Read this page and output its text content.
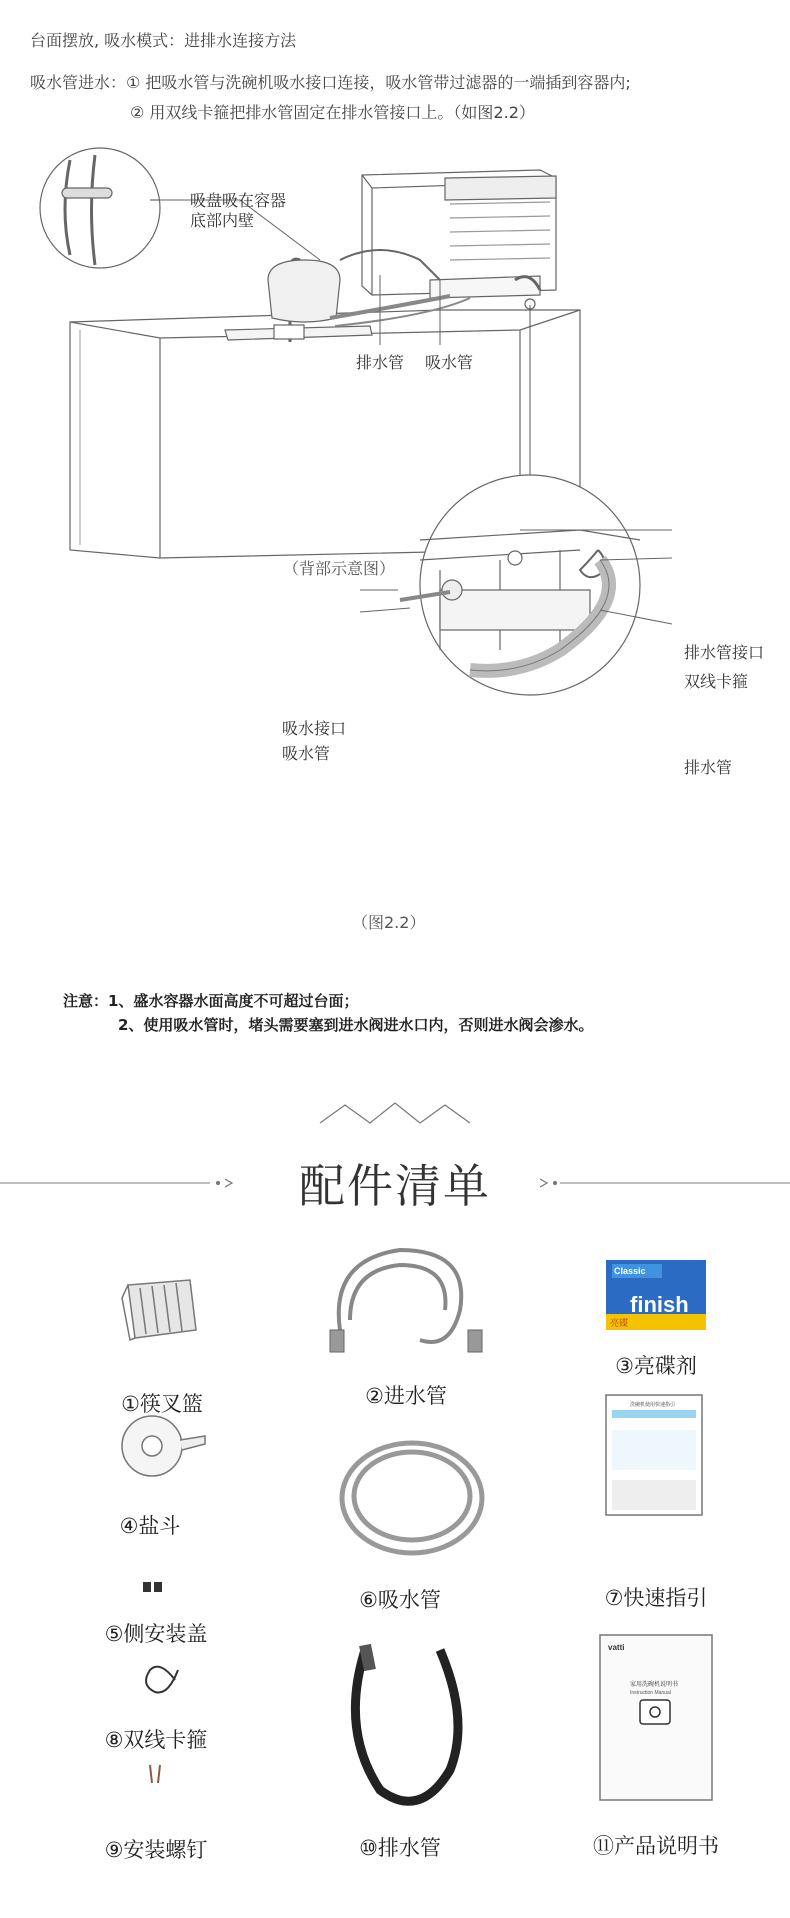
台面摆放, 吸水模式：进排水连接方法
吸水管进水：① 把吸水管与洗碗机吸水接口连接，吸水管带过滤器的一端插到容器内;
② 用双线卡箍把排水管固定在排水管接口上。（如图2.2）
吸盘吸在容器
底部内壁
排水管 吸水管
（背部示意图）
排水管接口
双线卡箍
排水管
吸水接口
吸水管
（图2.2）
注意：1、盛水容器水面高度不可超过台面；
2、使用吸水管时，堵头需要塞到进水阀进水口内，否则进水阀会渗水。
配件清单
Classic
finish
亮碟
洗碗机使用快速指引
vatti
家用洗碗机说明书
Instruction Manual
①筷叉篮	②进水管
③亮碟剂
④盐斗
⑥吸水管	⑦快速指引
⑤侧安装盖
⑧双线卡箍
⑨安装螺钉	⑩排水管	⑪产品说明书
